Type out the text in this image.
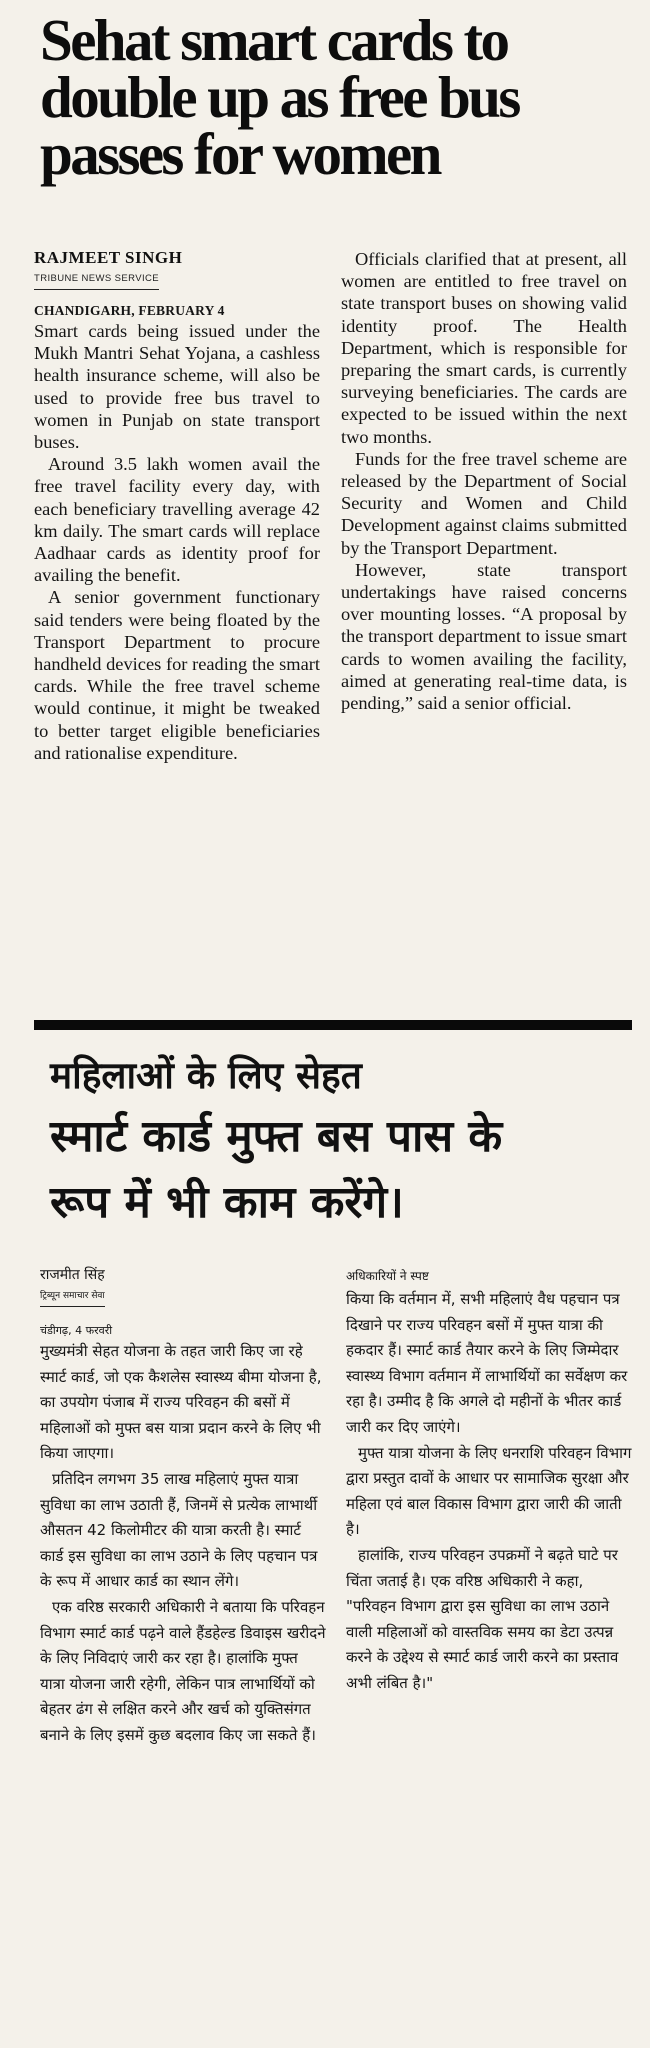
Sehat smart cards to
double up as free bus
passes for women
RAJMEET SINGH
TRIBUNE NEWS SERVICE
CHANDIGARH, FEBRUARY 4

Smart cards being issued under the Mukh Mantri Sehat Yojana, a cashless health insurance scheme, will also be used to provide free bus travel to women in Punjab on state transport buses.

Around 3.5 lakh women avail the free travel facility every day, with each beneficiary travelling average 42 km daily. The smart cards will replace Aadhaar cards as identity proof for availing the benefit.

A senior government functionary said tenders were being floated by the Transport Department to procure handheld devices for reading the smart cards. While the free travel scheme would continue, it might be tweaked to better target eligible beneficiaries and rationalise expenditure.

Officials clarified that at present, all women are entitled to free travel on state transport buses on showing valid identity proof. The Health Department, which is responsible for preparing the smart cards, is currently surveying beneficiaries. The cards are expected to be issued within the next two months.

Funds for the free travel scheme are released by the Department of Social Security and Women and Child Development against claims submitted by the Transport Department.

However, state transport undertakings have raised concerns over mounting losses. “A proposal by the transport department to issue smart cards to women availing the facility, aimed at generating real-time data, is pending,” said a senior official.

महिलाओं के लिए सेहत
स्मार्ट कार्ड मुफ्त बस पास के
रूप में भी काम करेंगे।
राजमीत सिंह
ट्रिब्यून समाचार सेवा
चंडीगढ़, 4 फरवरी

मुख्यमंत्री सेहत योजना के तहत जारी किए जा रहे स्मार्ट कार्ड, जो एक कैशलेस स्वास्थ्य बीमा योजना है, का उपयोग पंजाब में राज्य परिवहन की बसों में महिलाओं को मुफ्त बस यात्रा प्रदान करने के लिए भी किया जाएगा।

प्रतिदिन लगभग 35 लाख महिलाएं मुफ्त यात्रा सुविधा का लाभ उठाती हैं, जिनमें से प्रत्येक लाभार्थी औसतन 42 किलोमीटर की यात्रा करती है। स्मार्ट कार्ड इस सुविधा का लाभ उठाने के लिए पहचान पत्र के रूप में आधार कार्ड का स्थान लेंगे।

एक वरिष्ठ सरकारी अधिकारी ने बताया कि परिवहन विभाग स्मार्ट कार्ड पढ़ने वाले हैंडहेल्ड डिवाइस खरीदने के लिए निविदाएं जारी कर रहा है। हालांकि मुफ्त यात्रा योजना जारी रहेगी, लेकिन पात्र लाभार्थियों को बेहतर ढंग से लक्षित करने और खर्च को युक्तिसंगत बनाने के लिए इसमें कुछ बदलाव किए जा सकते हैं।

अधिकारियों ने स्पष्ट

किया कि वर्तमान में, सभी महिलाएं वैध पहचान पत्र दिखाने पर राज्य परिवहन बसों में मुफ्त यात्रा की हकदार हैं। स्मार्ट कार्ड तैयार करने के लिए जिम्मेदार स्वास्थ्य विभाग वर्तमान में लाभार्थियों का सर्वेक्षण कर रहा है। उम्मीद है कि अगले दो महीनों के भीतर कार्ड जारी कर दिए जाएंगे।

मुफ्त यात्रा योजना के लिए धनराशि परिवहन विभाग द्वारा प्रस्तुत दावों के आधार पर सामाजिक सुरक्षा और महिला एवं बाल विकास विभाग द्वारा जारी की जाती है।

हालांकि, राज्य परिवहन उपक्रमों ने बढ़ते घाटे पर चिंता जताई है। एक वरिष्ठ अधिकारी ने कहा, "परिवहन विभाग द्वारा इस सुविधा का लाभ उठाने वाली महिलाओं को वास्तविक समय का डेटा उत्पन्न करने के उद्देश्य से स्मार्ट कार्ड जारी करने का प्रस्ताव अभी लंबित है।"
